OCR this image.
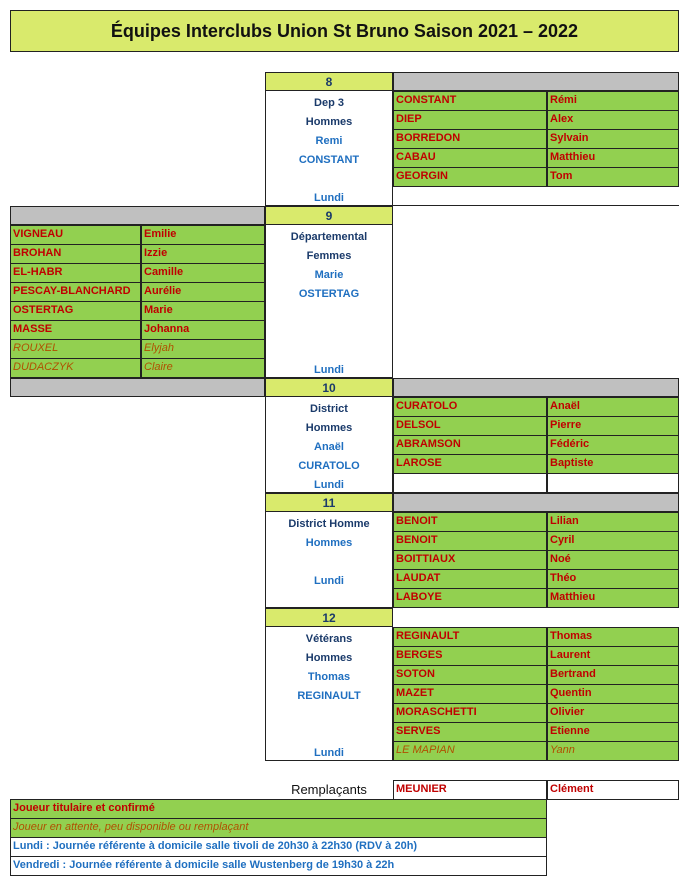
Équipes Interclubs Union St Bruno Saison 2021 – 2022
8
Dep 3
Hommes
Remi
CONSTANT
Lundi
CONSTANT	Rémi
DIEP	Alex
BORREDON	Sylvain
CABAU	Matthieu
GEORGIN	Tom
9
Départemental
Femmes
Marie
OSTERTAG
Lundi
VIGNEAU	Emilie
BROHAN	Izzie
EL-HABR	Camille
PESCAY-BLANCHARD	Aurélie
OSTERTAG	Marie
MASSE	Johanna
ROUXEL	Elyjah
DUDACZYK	Claire
10
District
Hommes
Anaël
CURATOLO
Lundi
CURATOLO	Anaël
DELSOL	Pierre
ABRAMSON	Fédéric
LAROSE	Baptiste
11
District Homme
Hommes
Lundi
BENOIT	Lilian
BENOIT	Cyril
BOITTIAUX	Noé
LAUDAT	Théo
LABOYE	Matthieu
12
Vétérans
Hommes
Thomas
REGINAULT
Lundi
REGINAULT	Thomas
BERGES	Laurent
SOTON	Bertrand
MAZET	Quentin
MORASCHETTI	Olivier
SERVES	Etienne
LE MAPIAN	Yann
Remplaçants	MEUNIER	Clément
Joueur titulaire et confirmé
Joueur en attente, peu disponible ou remplaçant
Lundi : Journée référente à domicile salle tivoli de 20h30 à 22h30 (RDV à 20h)
Vendredi : Journée référente à domicile salle Wustenberg de 19h30 à 22h
